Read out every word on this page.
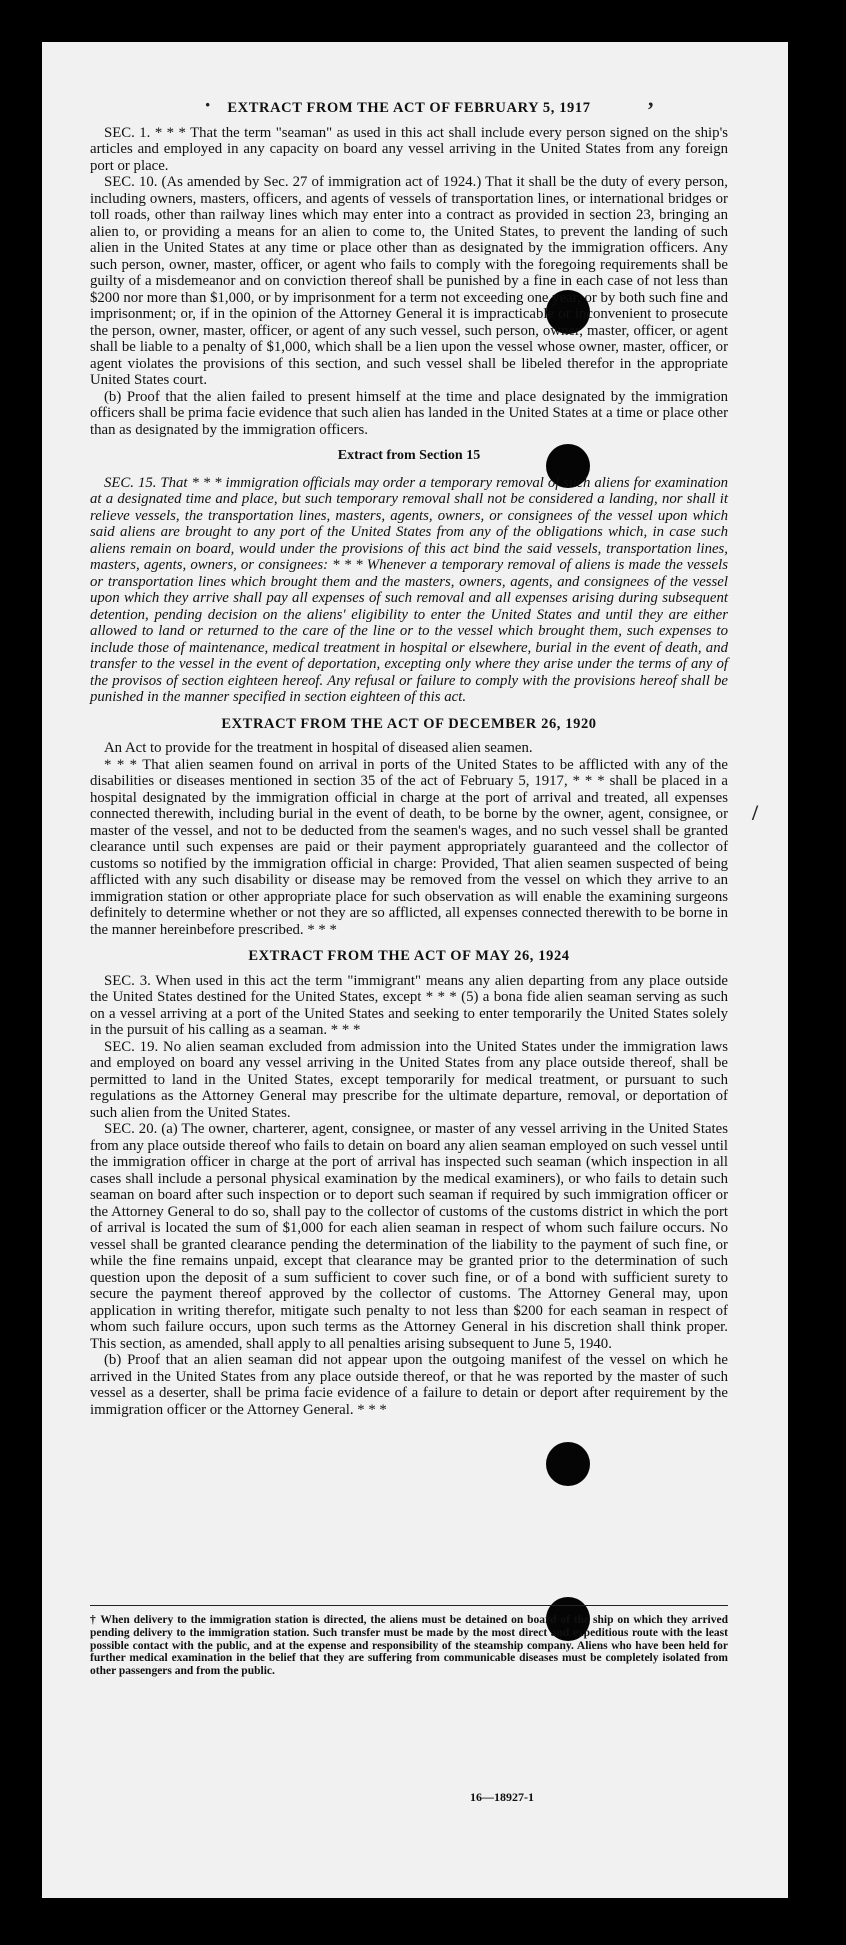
·	,
/
EXTRACT FROM THE ACT OF FEBRUARY 5, 1917

SEC. 1. * * * That the term "seaman" as used in this act shall include every person signed on the ship's articles and employed in any capacity on board any vessel arriving in the United States from any foreign port or place.

SEC. 10. (As amended by Sec. 27 of immigration act of 1924.) That it shall be the duty of every person, including owners, masters, officers, and agents of vessels of transportation lines, or international bridges or toll roads, other than railway lines which may enter into a contract as provided in section 23, bringing an alien to, or providing a means for an alien to come to, the United States, to prevent the landing of such alien in the United States at any time or place other than as designated by the immigration officers. Any such person, owner, master, officer, or agent who fails to comply with the foregoing requirements shall be guilty of a misdemeanor and on conviction thereof shall be punished by a fine in each case of not less than $200 nor more than $1,000, or by imprisonment for a term not exceeding one year, or by both such fine and imprisonment; or, if in the opinion of the Attorney General it is impracticable or inconvenient to prosecute the person, owner, master, officer, or agent of any such vessel, such person, owner, master, officer, or agent shall be liable to a penalty of $1,000, which shall be a lien upon the vessel whose owner, master, officer, or agent violates the provisions of this section, and such vessel shall be libeled therefor in the appropriate United States court.

(b) Proof that the alien failed to present himself at the time and place designated by the immigration officers shall be prima facie evidence that such alien has landed in the United States at a time or place other than as designated by the immigration officers.

Extract from Section 15

SEC. 15. That * * * immigration officials may order a temporary removal of such aliens for examination at a designated time and place, but such temporary removal shall not be considered a landing, nor shall it relieve vessels, the transportation lines, masters, agents, owners, or consignees of the vessel upon which said aliens are brought to any port of the United States from any of the obligations which, in case such aliens remain on board, would under the provisions of this act bind the said vessels, transportation lines, masters, agents, owners, or consignees: * * * Whenever a temporary removal of aliens is made the vessels or transportation lines which brought them and the masters, owners, agents, and consignees of the vessel upon which they arrive shall pay all expenses of such removal and all expenses arising during subsequent detention, pending decision on the aliens' eligibility to enter the United States and until they are either allowed to land or returned to the care of the line or to the vessel which brought them, such expenses to include those of maintenance, medical treatment in hospital or elsewhere, burial in the event of death, and transfer to the vessel in the event of deportation, excepting only where they arise under the terms of any of the provisos of section eighteen hereof. Any refusal or failure to comply with the provisions hereof shall be punished in the manner specified in section eighteen of this act.

EXTRACT FROM THE ACT OF DECEMBER 26, 1920

An Act to provide for the treatment in hospital of diseased alien seamen.

* * * That alien seamen found on arrival in ports of the United States to be afflicted with any of the disabilities or diseases mentioned in section 35 of the act of February 5, 1917, * * * shall be placed in a hospital designated by the immigration official in charge at the port of arrival and treated, all expenses connected therewith, including burial in the event of death, to be borne by the owner, agent, consignee, or master of the vessel, and not to be deducted from the seamen's wages, and no such vessel shall be granted clearance until such expenses are paid or their payment appropriately guaranteed and the collector of customs so notified by the immigration official in charge: Provided, That alien seamen suspected of being afflicted with any such disability or disease may be removed from the vessel on which they arrive to an immigration station or other appropriate place for such observation as will enable the examining surgeons definitely to determine whether or not they are so afflicted, all expenses connected therewith to be borne in the manner hereinbefore prescribed. * * *

EXTRACT FROM THE ACT OF MAY 26, 1924

SEC. 3. When used in this act the term "immigrant" means any alien departing from any place outside the United States destined for the United States, except * * * (5) a bona fide alien seaman serving as such on a vessel arriving at a port of the United States and seeking to enter temporarily the United States solely in the pursuit of his calling as a seaman. * * *

SEC. 19. No alien seaman excluded from admission into the United States under the immigration laws and employed on board any vessel arriving in the United States from any place outside thereof, shall be permitted to land in the United States, except temporarily for medical treatment, or pursuant to such regulations as the Attorney General may prescribe for the ultimate departure, removal, or deportation of such alien from the United States.

SEC. 20. (a) The owner, charterer, agent, consignee, or master of any vessel arriving in the United States from any place outside thereof who fails to detain on board any alien seaman employed on such vessel until the immigration officer in charge at the port of arrival has inspected such seaman (which inspection in all cases shall include a personal physical examination by the medical examiners), or who fails to detain such seaman on board after such inspection or to deport such seaman if required by such immigration officer or the Attorney General to do so, shall pay to the collector of customs of the customs district in which the port of arrival is located the sum of $1,000 for each alien seaman in respect of whom such failure occurs. No vessel shall be granted clearance pending the determination of the liability to the payment of such fine, or while the fine remains unpaid, except that clearance may be granted prior to the determination of such question upon the deposit of a sum sufficient to cover such fine, or of a bond with sufficient surety to secure the payment thereof approved by the collector of customs. The Attorney General may, upon application in writing therefor, mitigate such penalty to not less than $200 for each seaman in respect of whom such failure occurs, upon such terms as the Attorney General in his discretion shall think proper. This section, as amended, shall apply to all penalties arising subsequent to June 5, 1940.

(b) Proof that an alien seaman did not appear upon the outgoing manifest of the vessel on which he arrived in the United States from any place outside thereof, or that he was reported by the master of such vessel as a deserter, shall be prima facie evidence of a failure to detain or deport after requirement by the immigration officer or the Attorney General. * * *

† When delivery to the immigration station is directed, the aliens must be detained on board of the ship on which they arrived pending delivery to the immigration station. Such transfer must be made by the most direct and expeditious route with the least possible contact with the public, and at the expense and responsibility of the steamship company. Aliens who have been held for further medical examination in the belief that they are suffering from communicable diseases must be completely isolated from other passengers and from the public.
16—18927-1
